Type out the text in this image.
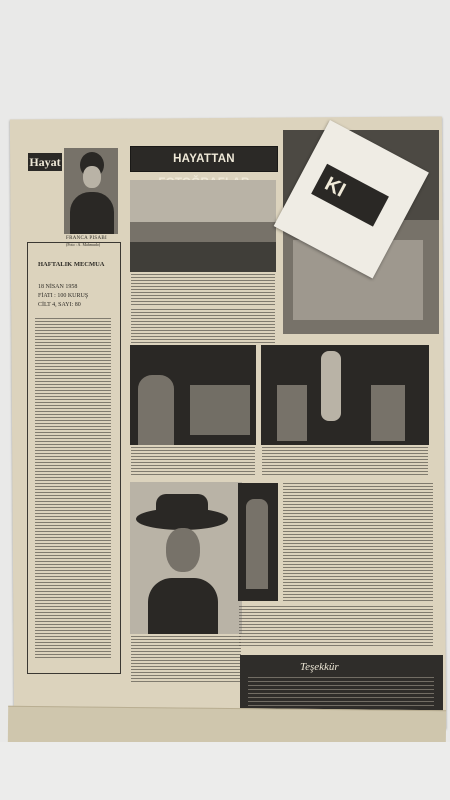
Hayat
FRANCA PISABI
(Foto : A. Mahmudo)
HAFTALIK MECMUA
18 NİSAN 1958
FİATI : 100 KURUŞ
CİLT 4, SAYI: 80
HAYATTAN
KI
Teşekkür
